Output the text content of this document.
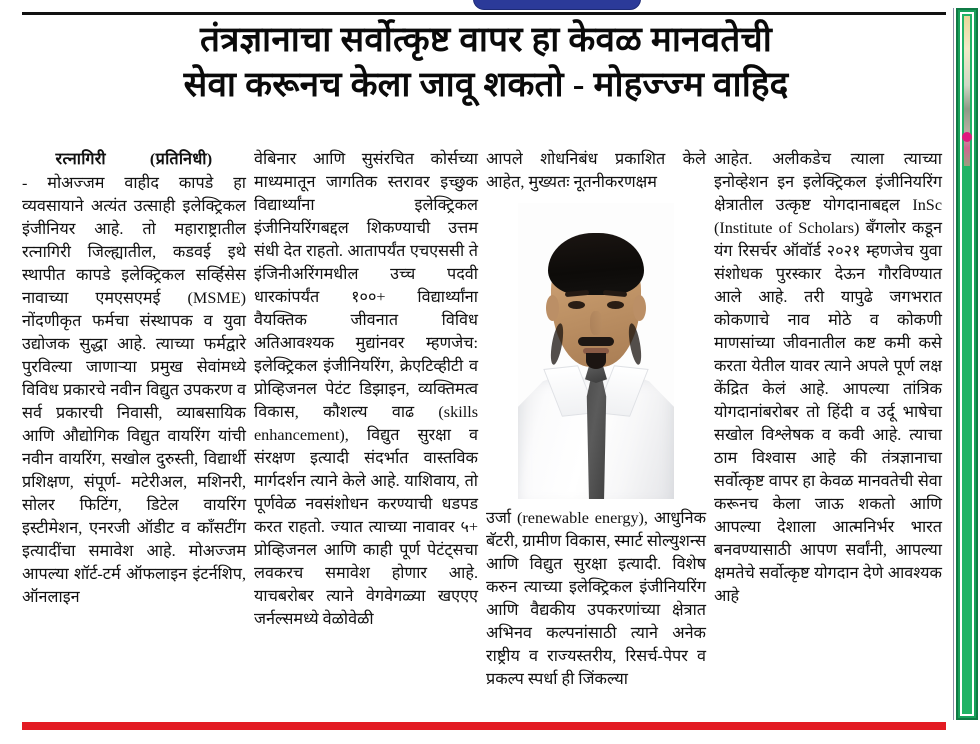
तंत्रज्ञानाचा सर्वोत्कृष्ट वापर हा केवळ मानवतेची
सेवा करूनच केला जावू शकतो - मोहज्ज्म वाहिद
रत्नागिरी	(प्रतिनिधी)

- मोअज्जम वाहीद कापडे हा व्यवसायाने अत्यंत उत्साही इलेक्ट्रिकल इंजीनियर आहे. तो महाराष्ट्रातील रत्नागिरी जिल्ह्यातील, कडवई इथे स्थापीत कापडे इलेक्ट्रिकल सर्व्हिसेस नावाच्या एमएसएमई (MSME) नोंदणीकृत फर्मचा संस्थापक व युवा उद्योजक सुद्धा आहे. त्याच्या फर्मद्वारे पुरविल्या जाणाऱ्या प्रमुख सेवांमध्ये विविध प्रकारचे नवीन विद्युत उपकरण व सर्व प्रकारची निवासी, व्याबसायिक आणि औद्योगिक विद्युत वायरिंग यांची नवीन वायरिंग, सखोल दुरुस्ती, विद्यार्थी प्रशिक्षण, संपूर्ण- मटेरीअल, मशिनरी, सोलर फिटिंग, डिटेल वायरिंग इस्टीमेशन, एनरजी ऑडीट व कॉंसटींग इत्यादींचा समावेश आहे. मोअज्जम आपल्या शॉर्ट-टर्म ऑफलाइन इंटर्नशिप, ऑनलाइन

वेबिनार आणि सुसंरचित कोर्सच्या माध्यमातून जागतिक स्तरावर इच्छुक विद्यार्थ्यांना इलेक्ट्रिकल इंजीनियरिंगबद्दल शिकण्याची उत्तम संधी देत राहतो. आतापर्यंत एचएससी ते इंजिनीअरिंगमधील उच्च पदवी धारकांपर्यंत १००+ विद्यार्थ्यांना वैयक्तिक जीवनात विविध अतिआवश्यक मुद्यांनवर म्हणजेच: इलेक्ट्रिकल इंजीनियरिंग, क्रेएटिव्हीटी व प्रोव्हिजनल पेटंट डिझाइन, व्यक्तिमत्व विकास, कौशल्य वाढ (skills enhancement), विद्युत सुरक्षा व संरक्षण इत्यादी संदर्भात वास्तविक मार्गदर्शन त्याने केले आहे. याशिवाय, तो पूर्णवेळ नवसंशोधन करण्याची धडपड करत राहतो. ज्यात त्याच्या नावावर ५+ प्रोव्हिजनल आणि काही पूर्ण पेटंट्सचा लवकरच समावेश होणार आहे. याचबरोबर त्याने वेगवेगळ्या खएएए जर्नल्समध्ये वेळोवेळी

आपले शोधनिबंध प्रकाशित केले आहेत, मुख्यतः नूतनीकरणक्षम

उर्जा (renewable energy), आधुनिक बॅटरी, ग्रामीण विकास, स्मार्ट सोल्युशन्स आणि विद्युत सुरक्षा इत्यादी. विशेष करुन त्याच्या इलेक्ट्रिकल इंजीनियरिंग आणि वैद्यकीय उपकरणांच्या क्षेत्रात अभिनव कल्पनांसाठी त्याने अनेक राष्ट्रीय व राज्यस्तरीय, रिसर्च-पेपर व प्रकल्प स्पर्धा ही जिंकल्या

आहेत. अलीकडेच त्याला त्याच्या इनोव्हेशन इन इलेक्ट्रिकल इंजीनियरिंग क्षेत्रातील उत्कृष्ट योगदानाबद्दल InSc (Institute of Scholars) बँगलोर कडून यंग रिसर्चर ऑवॉर्ड २०२१ म्हणजेच युवा संशोधक पुरस्कार देऊन गौरविण्यात आले आहे. तरी यापुढे जगभरात कोकणाचे नाव मोठे व कोकणी माणसांच्या जीवनातील कष्ट कमी कसे करता येतील यावर त्याने अपले पूर्ण लक्ष केंद्रित केलं आहे. आपल्या तांत्रिक योगदानांबरोबर तो हिंदी व उर्दू भाषेचा सखोल विश्लेषक व कवी आहे. त्याचा ठाम विश्वास आहे की तंत्रज्ञानाचा सर्वोत्कृष्ट वापर हा केवळ मानवतेची सेवा करूनच केला जाऊ शकतो आणि आपल्या देशाला आत्मनिर्भर भारत बनवण्यासाठी आपण सर्वांनी, आपल्या क्षमतेचे सर्वोत्कृष्ट योगदान देणे आवश्यक आहे
